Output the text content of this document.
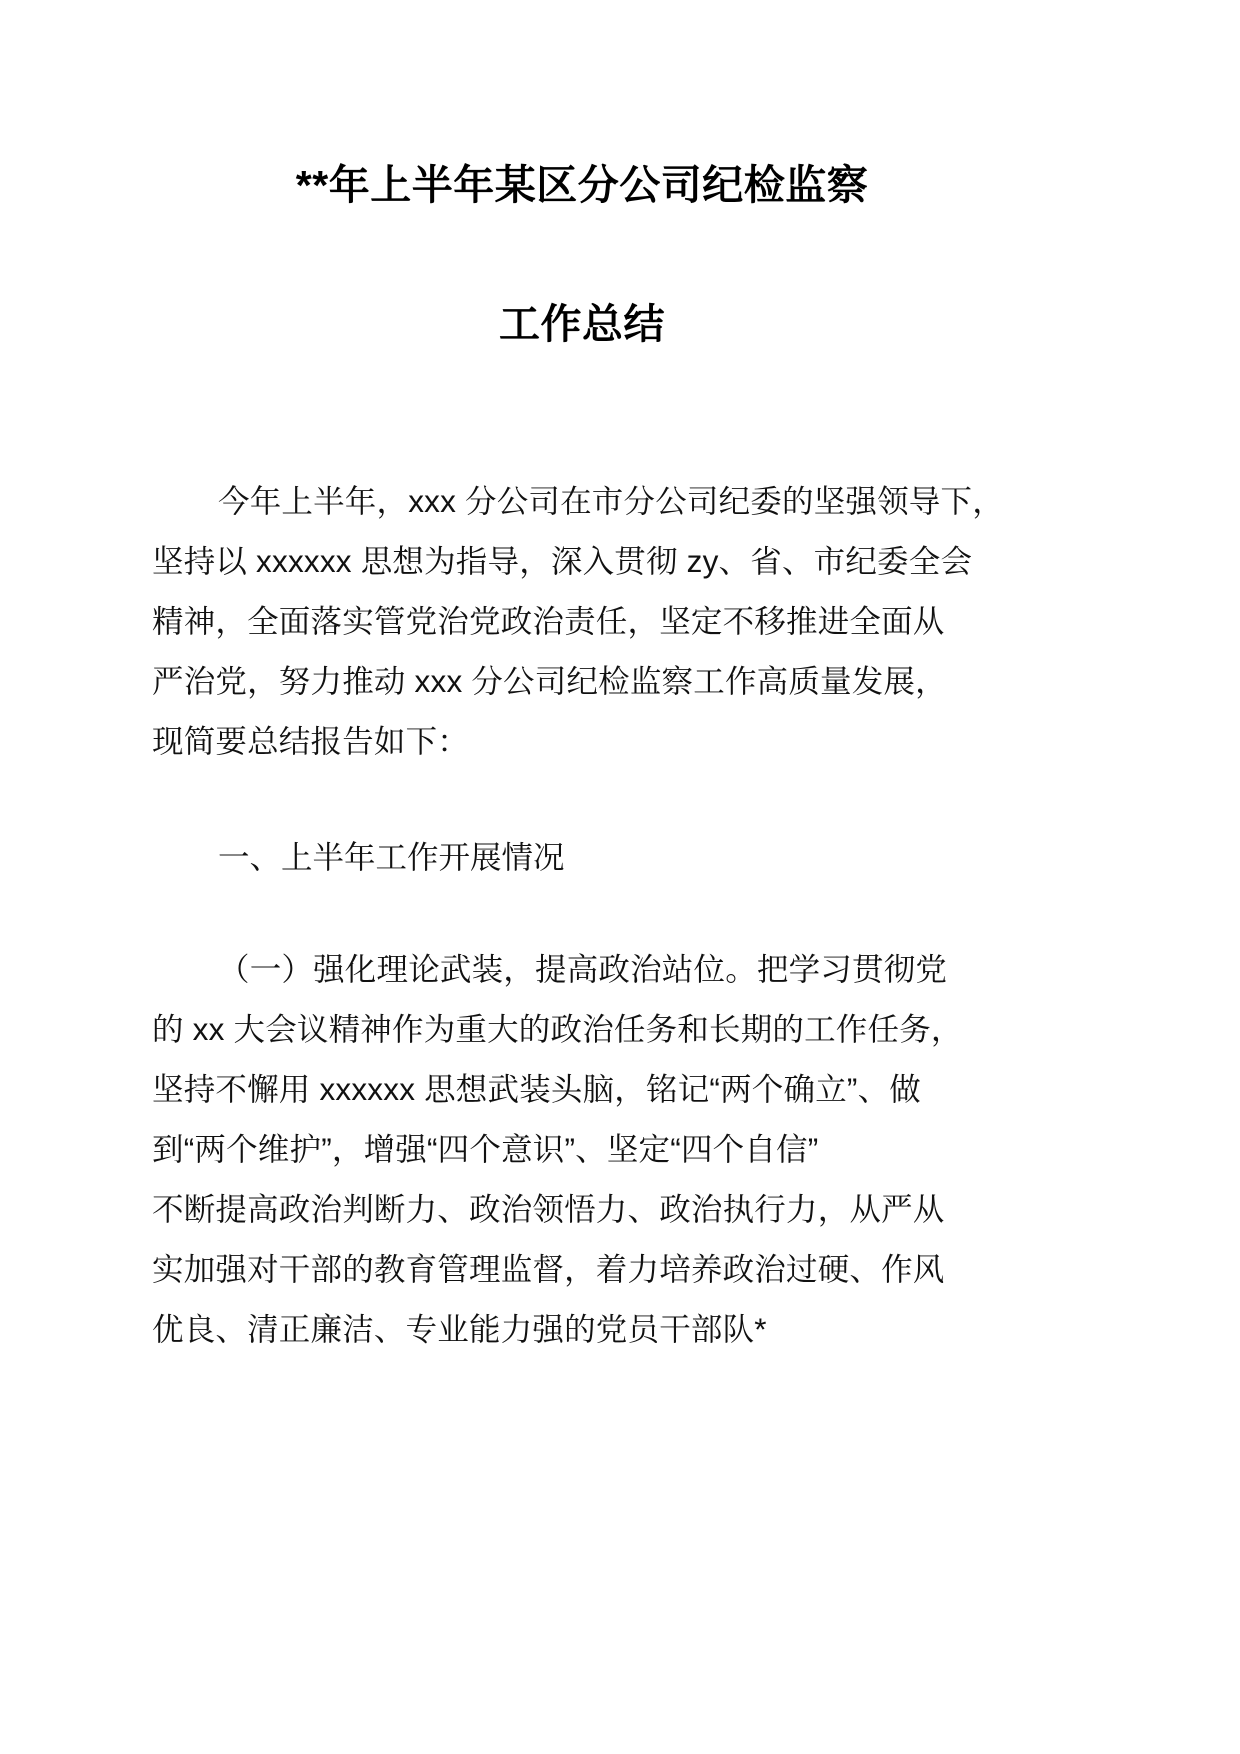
**年上半年某区分公司纪检监察
工作总结
今年上半年，xxx 分公司在市分公司纪委的坚强领导下，
坚持以 xxxxxx 思想为指导，深入贯彻 zy、省、市纪委全会
精神，全面落实管党治党政治责任，坚定不移推进全面从
严治党，努力推动 xxx 分公司纪检监察工作高质量发展，
现简要总结报告如下：
一、上半年工作开展情况
（一）强化理论武装，提高政治站位。把学习贯彻党
的 xx 大会议精神作为重大的政治任务和长期的工作任务，
坚持不懈用 xxxxxx 思想武装头脑，铭记“两个确立”、做
到“两个维护”，增强“四个意识”、坚定“四个自信”
不断提高政治判断力、政治领悟力、政治执行力，从严从
实加强对干部的教育管理监督，着力培养政治过硬、作风
优良、清正廉洁、专业能力强的党员干部队*
